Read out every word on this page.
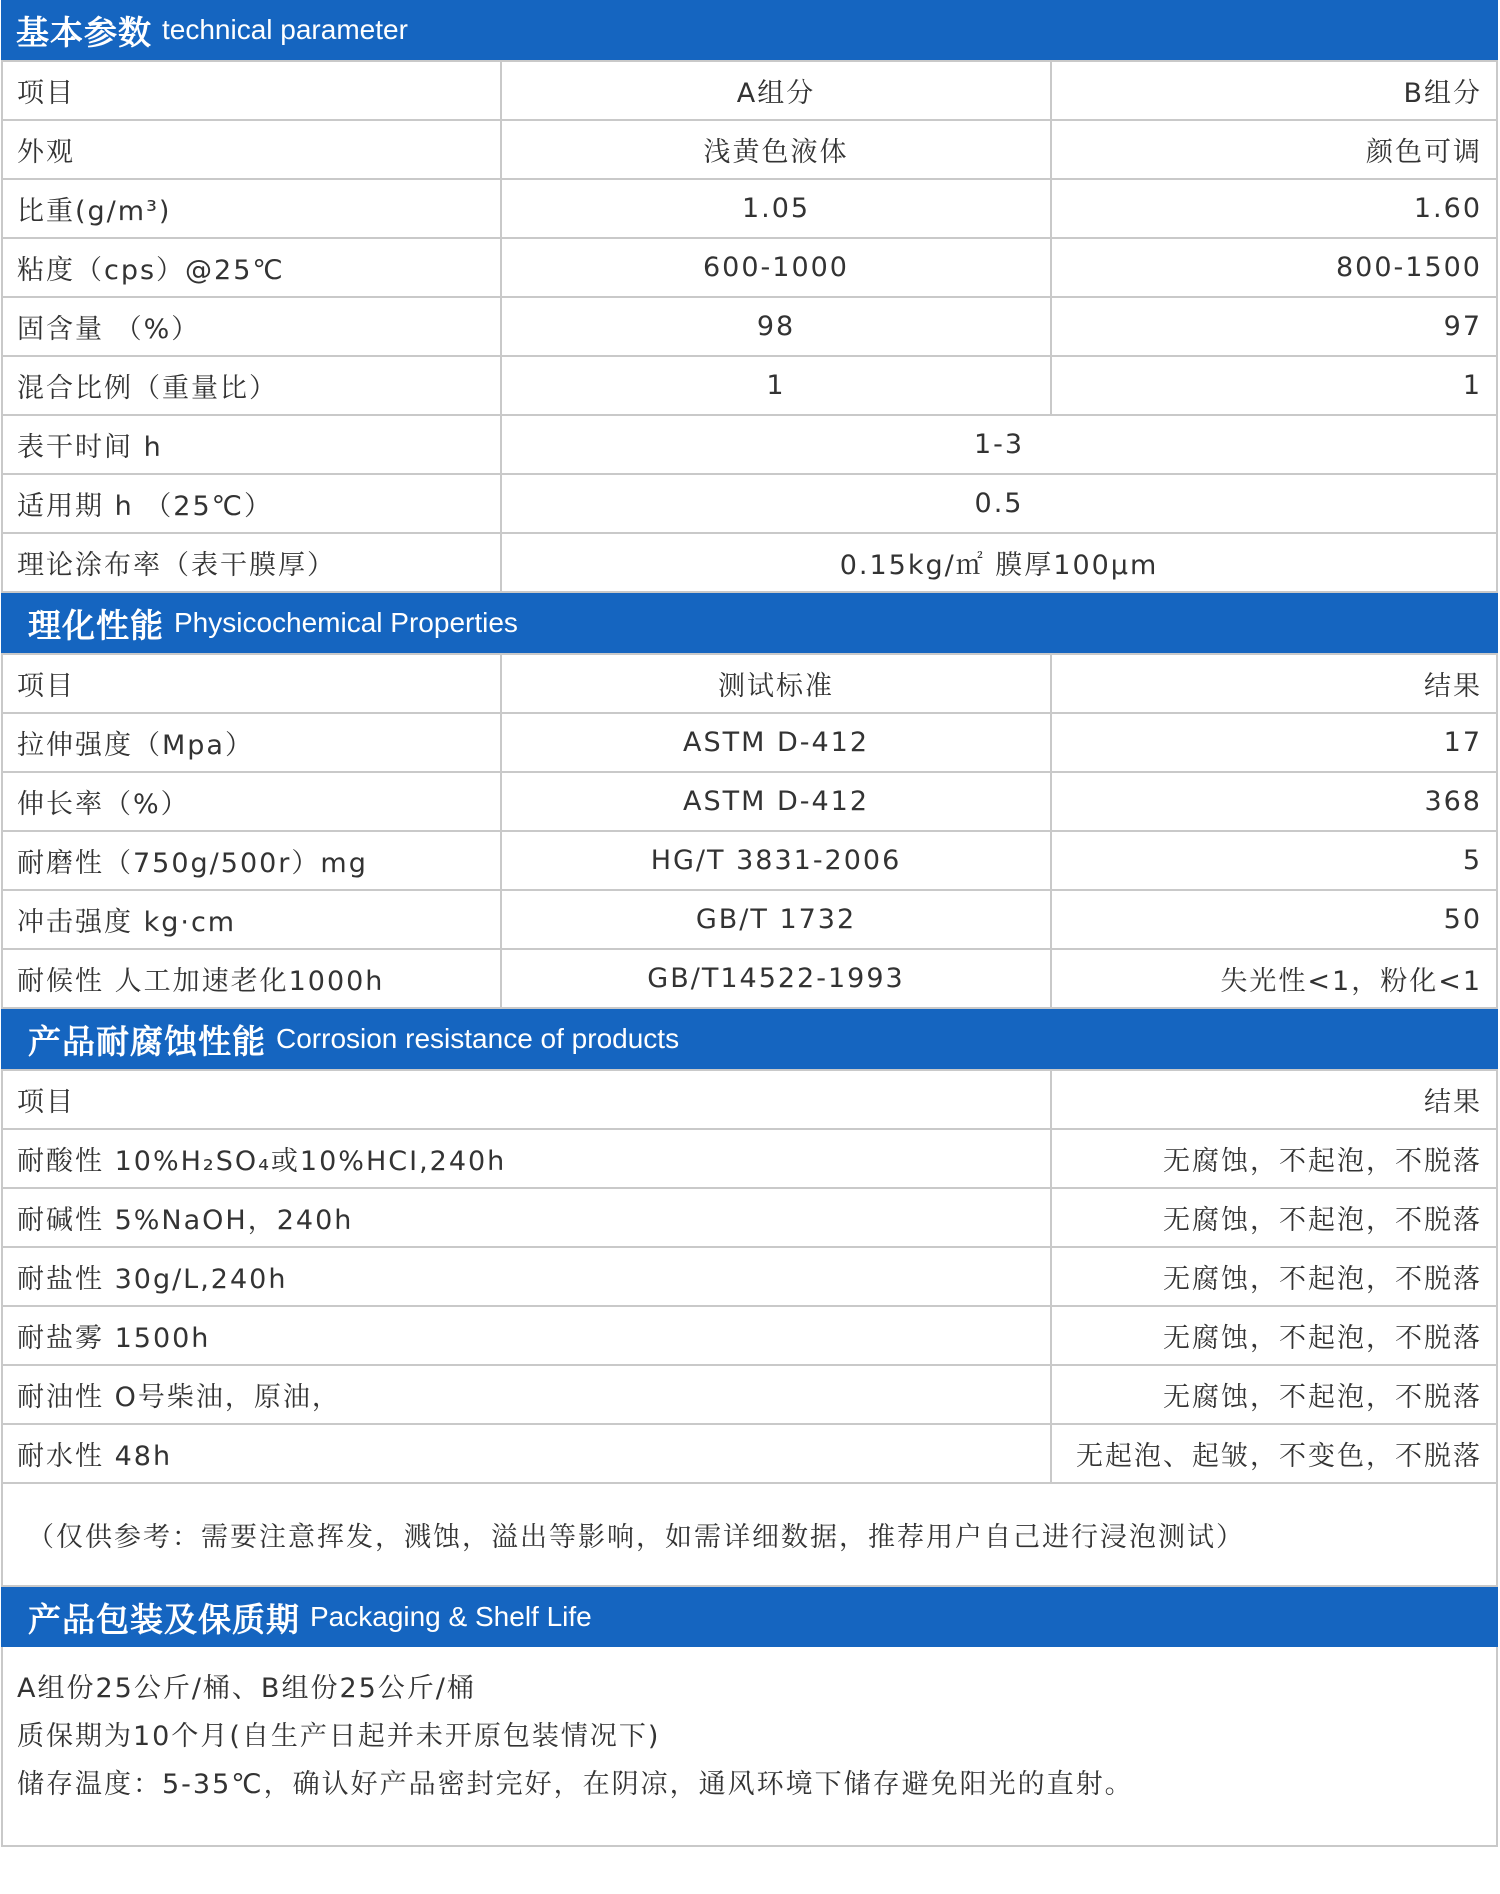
基本参数 technical parameter
项目	A组分	B组分
外观	浅黄色液体	颜色可调
比重(g/m³)	1.05	1.60
粘度（cps）@25℃	600-1000	800-1500
固含量 （%）	98	97
混合比例（重量比）	1	1
表干时间 h	1-3	
适用期 h （25℃）	0.5	
理论涂布率（表干膜厚）	0.15kg/㎡ 膜厚100μm	
理化性能 Physicochemical Properties
项目	测试标准	结果
拉伸强度（Mpa）	ASTM D-412	17
伸长率（%）	ASTM D-412	368
耐磨性（750g/500r）mg	HG/T 3831-2006	5
冲击强度 kg·cm	GB/T 1732	50
耐候性 人工加速老化1000h	GB/T14522-1993	失光性<1，粉化<1
产品耐腐蚀性能 Corrosion resistance of products
项目	结果
耐酸性 10%H₂SO₄或10%HCI,240h	无腐蚀，不起泡，不脱落
耐碱性 5%NaOH，240h	无腐蚀，不起泡，不脱落
耐盐性 30g/L,240h	无腐蚀，不起泡，不脱落
耐盐雾 1500h	无腐蚀，不起泡，不脱落
耐油性 O号柴油，原油，	无腐蚀，不起泡，不脱落
耐水性 48h	无起泡、起皱，不变色，不脱落
（仅供参考：需要注意挥发，溅蚀，溢出等影响，如需详细数据，推荐用户自己进行浸泡测试）
产品包装及保质期 Packaging & Shelf Life
A组份25公斤/桶、B组份25公斤/桶
质保期为10个月(自生产日起并未开原包装情况下)
储存温度：5-35℃，确认好产品密封完好，在阴凉，通风环境下储存避免阳光的直射。
